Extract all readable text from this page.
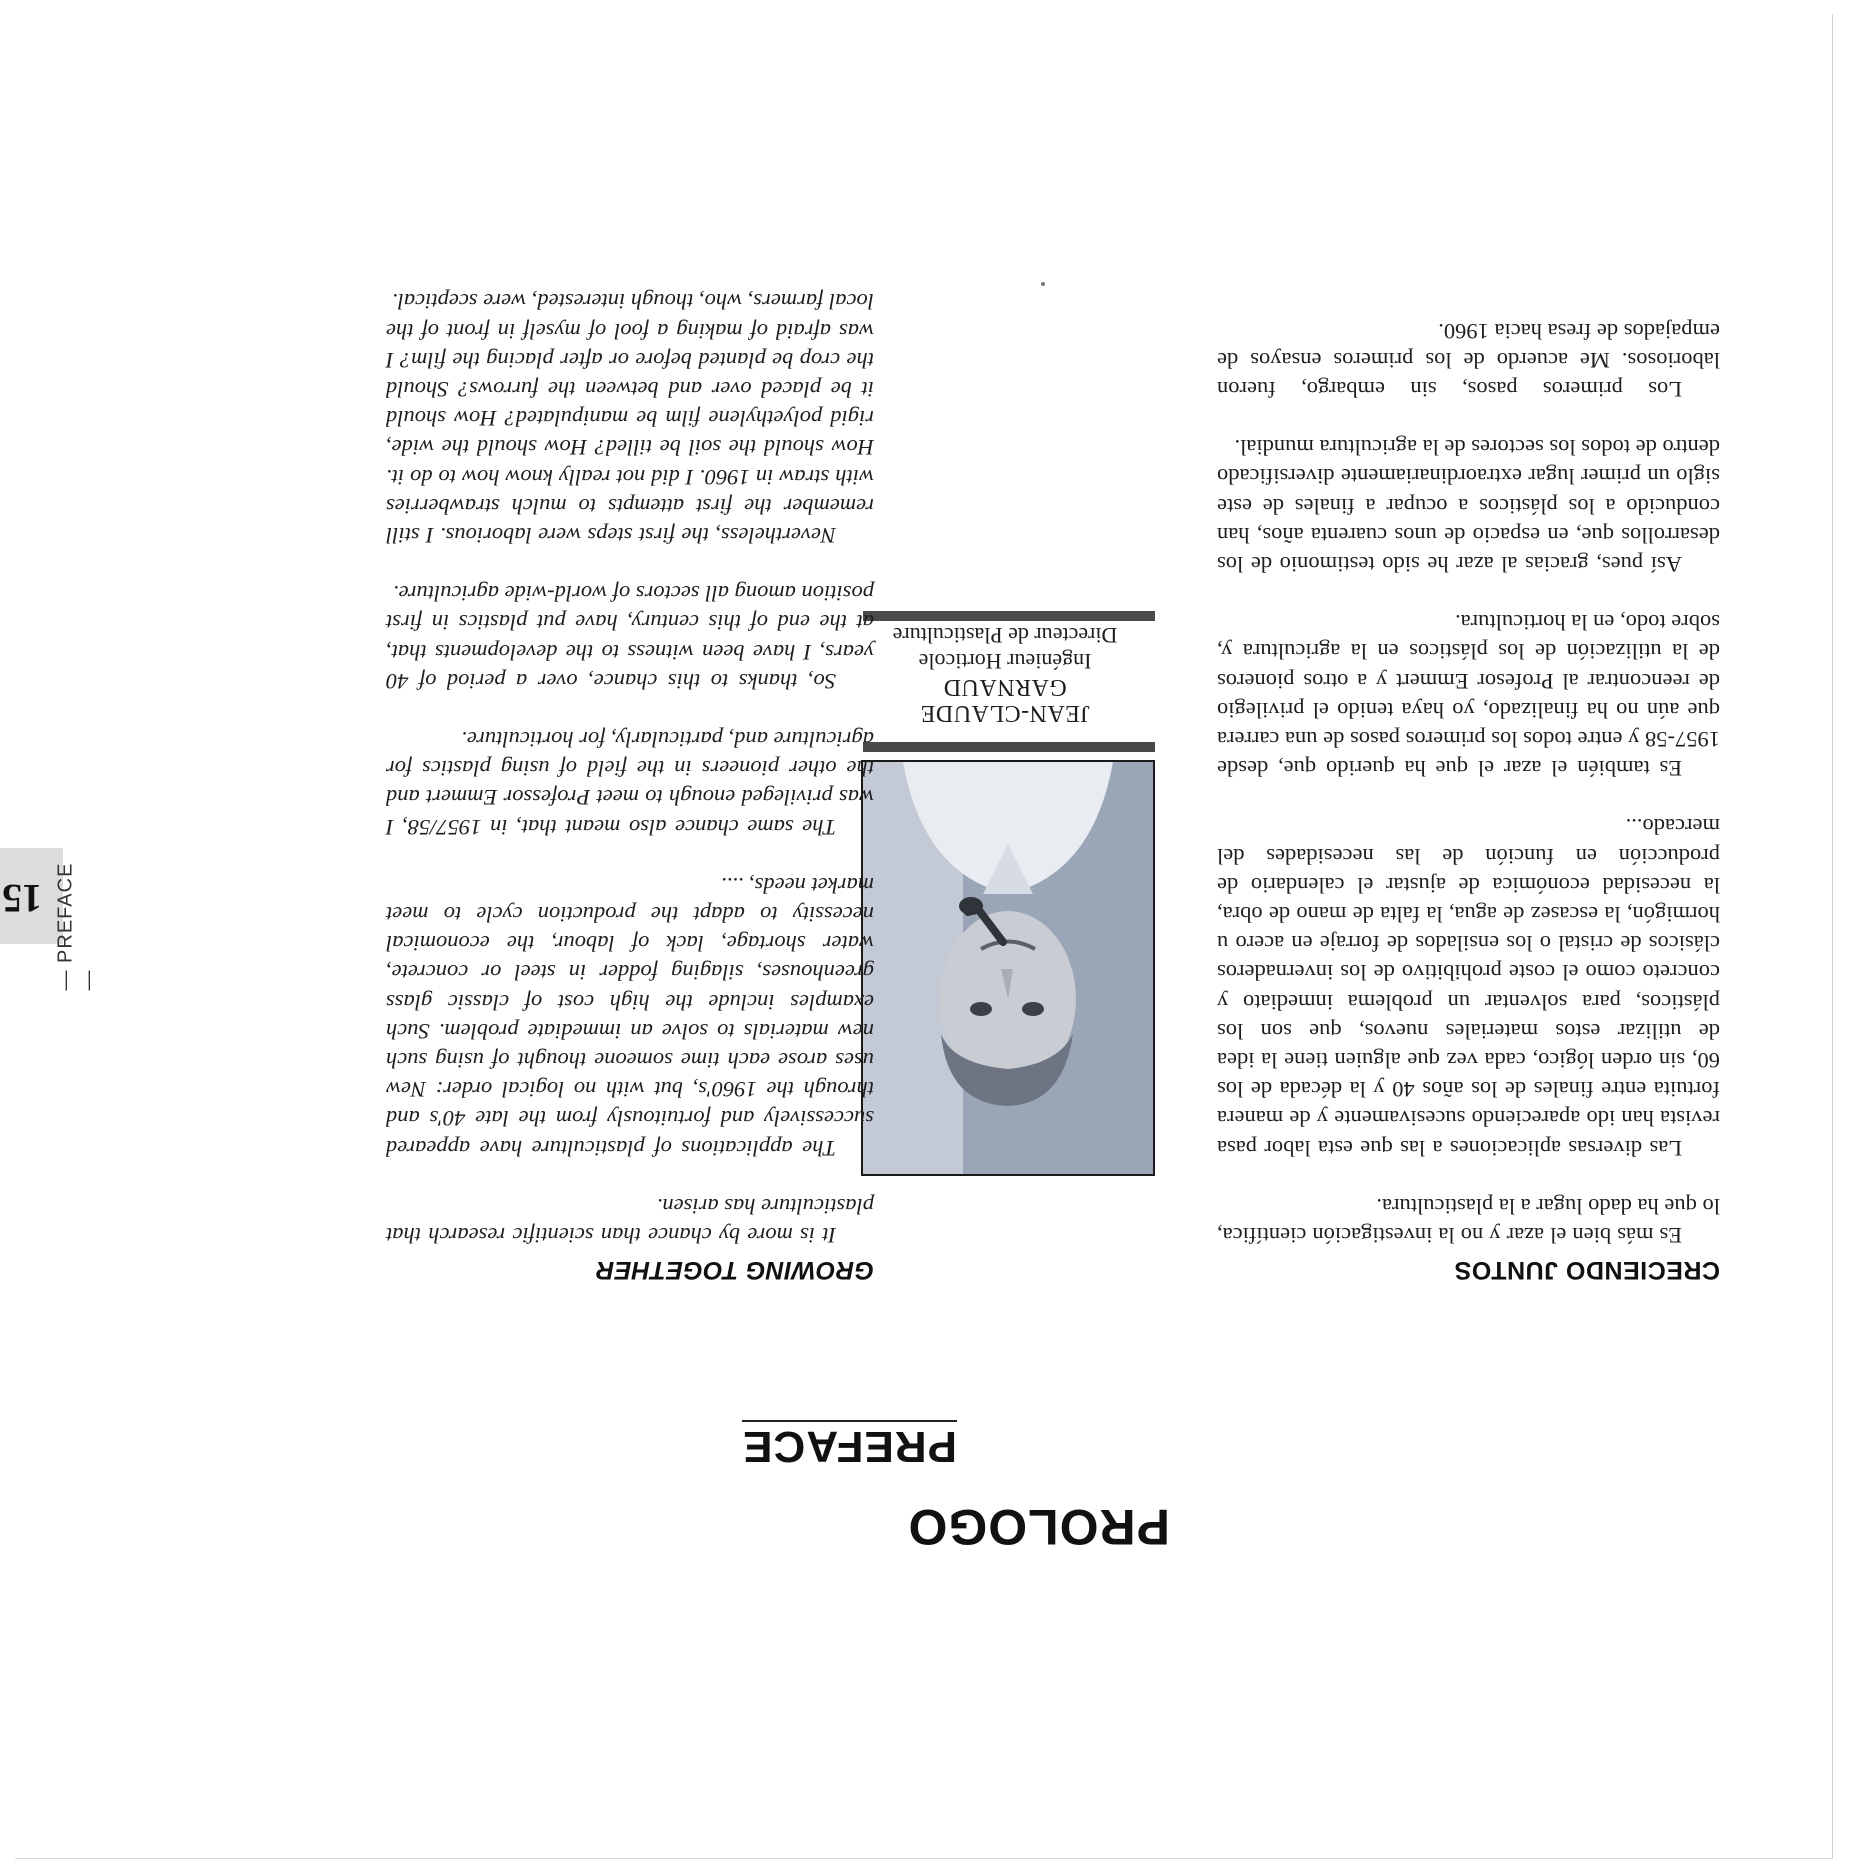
PROLOGO
PREFACE
JEAN-CLAUDE GARNAUD
Ingénieur Horticole
Directeur de Plasticulture
CRECIENDO JUNTOS

Es más bien el azar y no la investigación científica, lo que ha dado lugar a la plasticultura.

Las diversas aplicaciones a las que esta labor pasa revista han ido apareciendo sucesivamente y de manera fortuita entre finales de los años 40 y la década de los 60, sin orden lógico, cada vez que alguien tiene la idea de utilizar estos materiales nuevos, que son los plásticos, para solventar un problema inmediato y concreto como el coste prohibitivo de los invernaderos clásicos de cristal o los ensilados de forraje en acero u hormigón, la escasez de agua, la falta de mano de obra, la necesidad económica de ajustar el calendario de producción en función de las necesidades del mercado...

Es también el azar el que ha querido que, desde 1957-58 y entre todos los primeros pasos de una carrera que aún no ha finalizado, yo haya tenido el privilegio de reencontrar al Profesor Emmert y a otros pioneros de la utilización de los plásticos en la agricultura y, sobre todo, en la horticultura.

Así pues, gracias al azar he sido testimonio de los desarrollos que, en espacio de unos cuarenta años, han conducido a los plásticos a ocupar a finales de este siglo un primer lugar extraordinariamente diversificado dentro de todos los sectores de la agricultura mundial.

Los primeros pasos, sin embargo, fueron laboriosos. Me acuerdo de los primeros ensayos de empajados de fresa hacia 1960.

GROWING TOGETHER

It is more by chance than scientific research that plasticulture has arisen.

The applications of plasticulture have appeared successively and fortuitously from the late 40's and through the 1960's, but with no logical order: New uses arose each time someone thought of using such new materials to solve an immediate problem. Such examples include the high cost of classic glass greenhouses, silaging fodder in steel or concrete, water shortage, lack of labour, the economical necessity to adapt the production cycle to meet market needs, ....

The same chance also meant that, in 1957/58, I was privileged enough to meet Professor Emmert and the other pioneers in the field of using plastics for agriculture and, particularly, for horticulture.

So, thanks to this chance, over a period of 40 years, I have been witness to the developments that, at the end of this century, have put plastics in first position among all sectors of world-wide agriculture.

Nevertheless, the first steps were laborious. I still remember the first attempts to mulch strawberries with straw in 1960. I did not really know how to do it. How should the soil be tilled? How should the wide, rigid polyethylene film be manipulated? How should it be placed over and between the furrows? Should the crop be planted before or after placing the film? I was afraid of making a fool of myself in front of the local farmers, who, though interested, were sceptical.

15 — PREFACE —
